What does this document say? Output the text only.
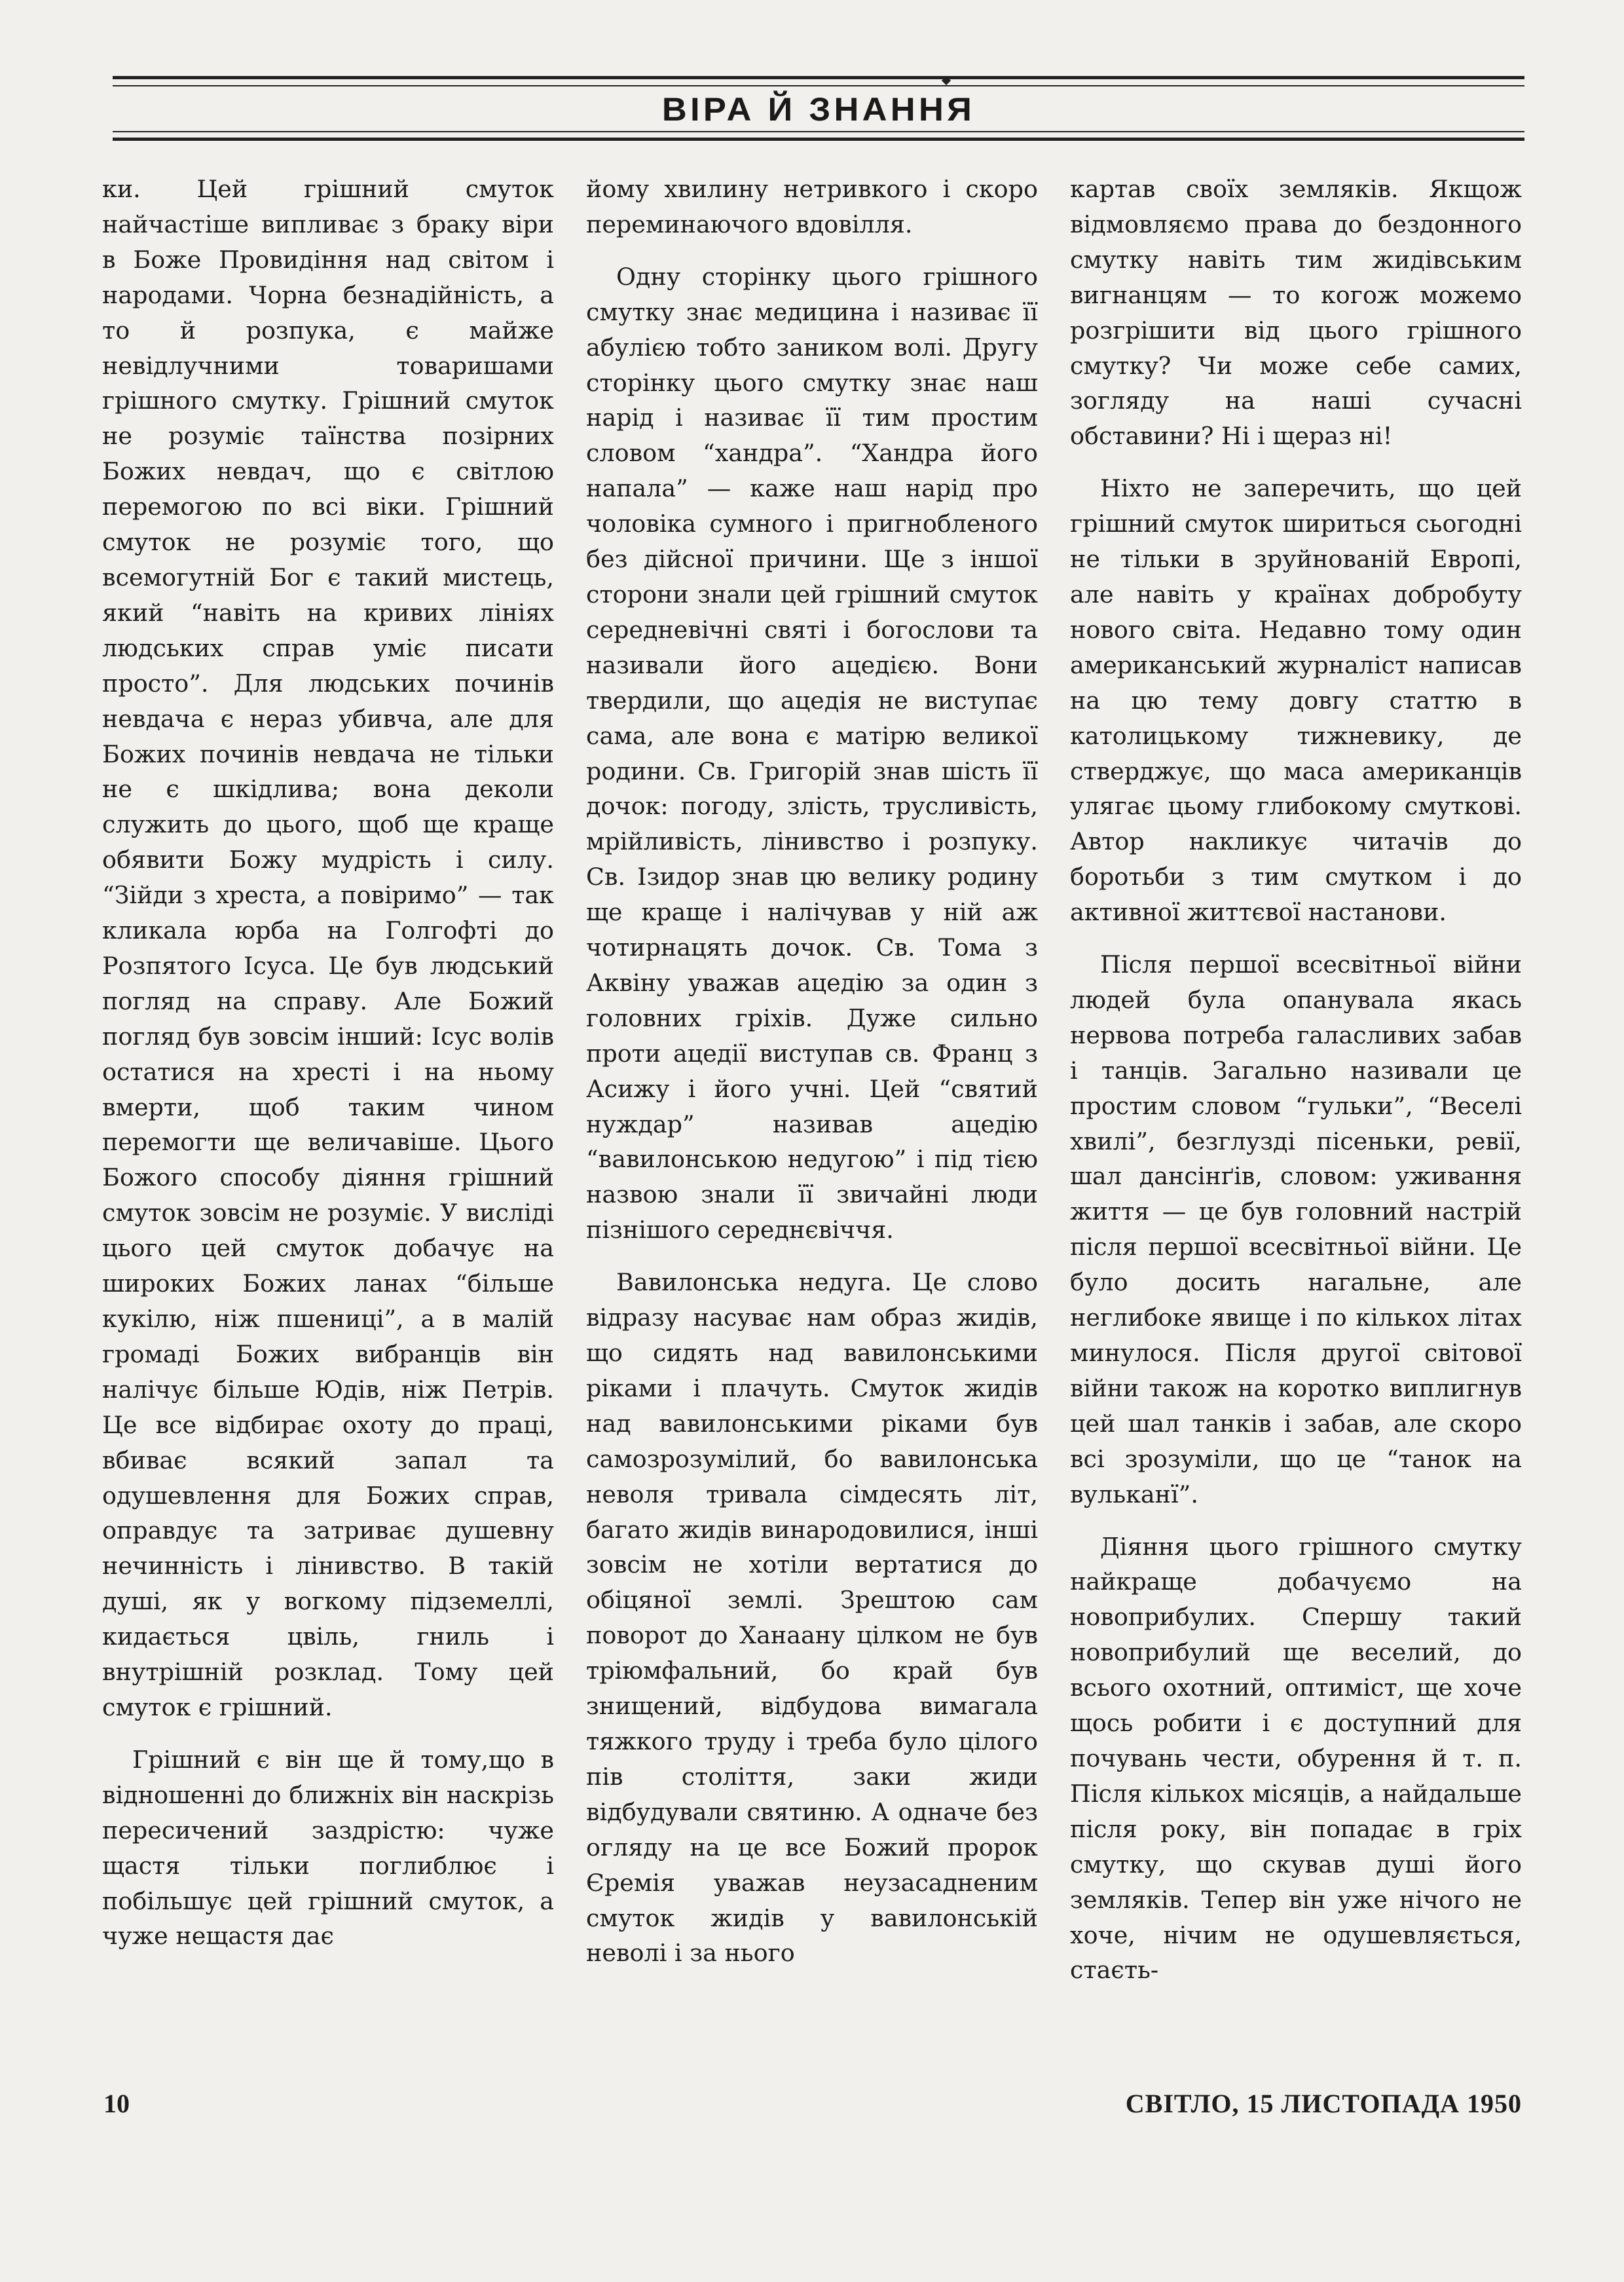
ВІРА Й ЗНАННЯ

ки. Цей грішний смуток найчастіше випливає з браку віри в Боже Провидіння над світом і народами. Чорна безнадійність, а то й розпука, є майже невідлучними товаришами грішного смутку. Грішний смуток не розуміє таїнства позірних Божих невдач, що є світлою перемогою по всі віки. Грішний смуток не розуміє того, що всемогутній Бог є такий мистець, який “навіть на кривих лініях людських справ уміє писати просто”. Для людських починів невдача є нераз убивча, але для Божих починів невдача не тільки не є шкідлива; вона деколи служить до цього, щоб ще краще обявити Божу мудрість і силу. “Зійди з хреста, а повіримо” — так кликала юрба на Голгофті до Розпятого Ісуса. Це був людський погляд на справу. Але Божий погляд був зовсім інший: Ісус волів остатися на хресті і на ньому вмерти, щоб таким чином перемогти ще величавіше. Цього Божого способу діяння грішний смуток зовсім не розуміє. У висліді цього цей смуток добачує на широких Божих ланах “більше кукілю, ніж пшениці”, а в малій громаді Божих вибранців він налічує більше Юдів, ніж Петрів. Це все відбирає охоту до праці, вбиває всякий запал та одушевлення для Божих справ, оправдує та затриває душевну нечинність і лінивство. В такій душі, як у вогкому підземеллі, кидається цвіль, гниль і внутрішній розклад. Тому цей смуток є грішний.

Грішний є він ще й тому,що в відношенні до ближніх він наскрізь пересичений заздрістю: чуже щастя тільки поглиблює і побільшує цей грішний смуток, а чуже нещастя дає

йому хвилину нетривкого і скоро переминаючого вдовілля.

Одну сторінку цього грішного смутку знає медицина і називає її абулією тобто заником волі. Другу сторінку цього смутку знає наш нарід і називає її тим простим словом “хандра”. “Хандра його напала” — каже наш нарід про чоловіка сумного і пригнобленого без дійсної причини. Ще з іншої сторони знали цей грішний смуток середневічні святі і богослови та називали його ацедією. Вони твердили, що ацедія не виступає сама, але вона є матірю великої родини. Св. Григорій знав шість її дочок: погоду, злість, трусливість, мрійливість, лінивство і розпуку. Св. Ізидор знав цю велику родину ще краще і налічував у ній аж чотирнацять дочок. Св. Тома з Аквіну уважав ацедію за один з головних гріхів. Дуже сильно проти ацедії виступав св. Франц з Асижу і його учні. Цей “святий нуждар” називав ацедію “вавилонською недугою” і під тією назвою знали її звичайні люди пізнішого середнєвіччя.

Вавилонська недуга. Це слово відразу насуває нам образ жидів, що сидять над вавилонськими ріками і плачуть. Смуток жидів над вавилонськими ріками був самозрозумілий, бо вавилонська неволя тривала сімдесять літ, багато жидів винародовилися, інші зовсім не хотіли вертатися до обіцяної землі. Зрештою сам поворот до Ханаану цілком не був тріюмфальний, бо край був знищений, відбудова вимагала тяжкого труду і треба було цілого пів століття, заки жиди відбудували святиню. А одначе без огляду на це все Божий пророк Єремія уважав неузасадненим смуток жидів у вавилонській неволі і за нього

картав своїх земляків. Якщож відмовляємо права до бездонного смутку навіть тим жидівським вигнанцям — то когож можемо розгрішити від цього грішного смутку? Чи може себе самих, зогляду на наші сучасні обставини? Ні і щераз ні!

Ніхто не заперечить, що цей грішний смуток шириться сьогодні не тільки в зруйнованій Европі, але навіть у країнах добробуту нового світа. Недавно тому один американський журналіст написав на цю тему довгу статтю в католицькому тижневику, де стверджує, що маса американців улягає цьому глибокому смуткові. Автор накликує читачів до боротьби з тим смутком і до активної життєвої настанови.

Після першої всесвітньої війни людей була опанувала якась нервова потреба галасливих забав і танців. Загально називали це простим словом “гульки”, “Веселі хвилі”, безглузді пісеньки, ревії, шал дансінґів, словом: уживання життя — це був головний настрій після першої всесвітньої війни. Це було досить нагальне, але неглибоке явище і по кількох літах минулося. Після другої світової війни також на коротко виплигнув цей шал танків і забав, але скоро всі зрозуміли, що це “танок на вульканї”.

Діяння цього грішного смутку найкраще добачуємо на новоприбулих. Спершу такий новоприбулий ще веселий, до всього охотний, оптиміст, ще хоче щось робити і є доступний для почувань чести, обурення й т. п. Після кількох місяців, а найдальше після року, він попадає в гріх смутку, що скував душі його земляків. Тепер він уже нічого не хоче, нічим не одушевляється, стаєть-

10	СВІТЛО, 15 ЛИСТОПАДА 1950
